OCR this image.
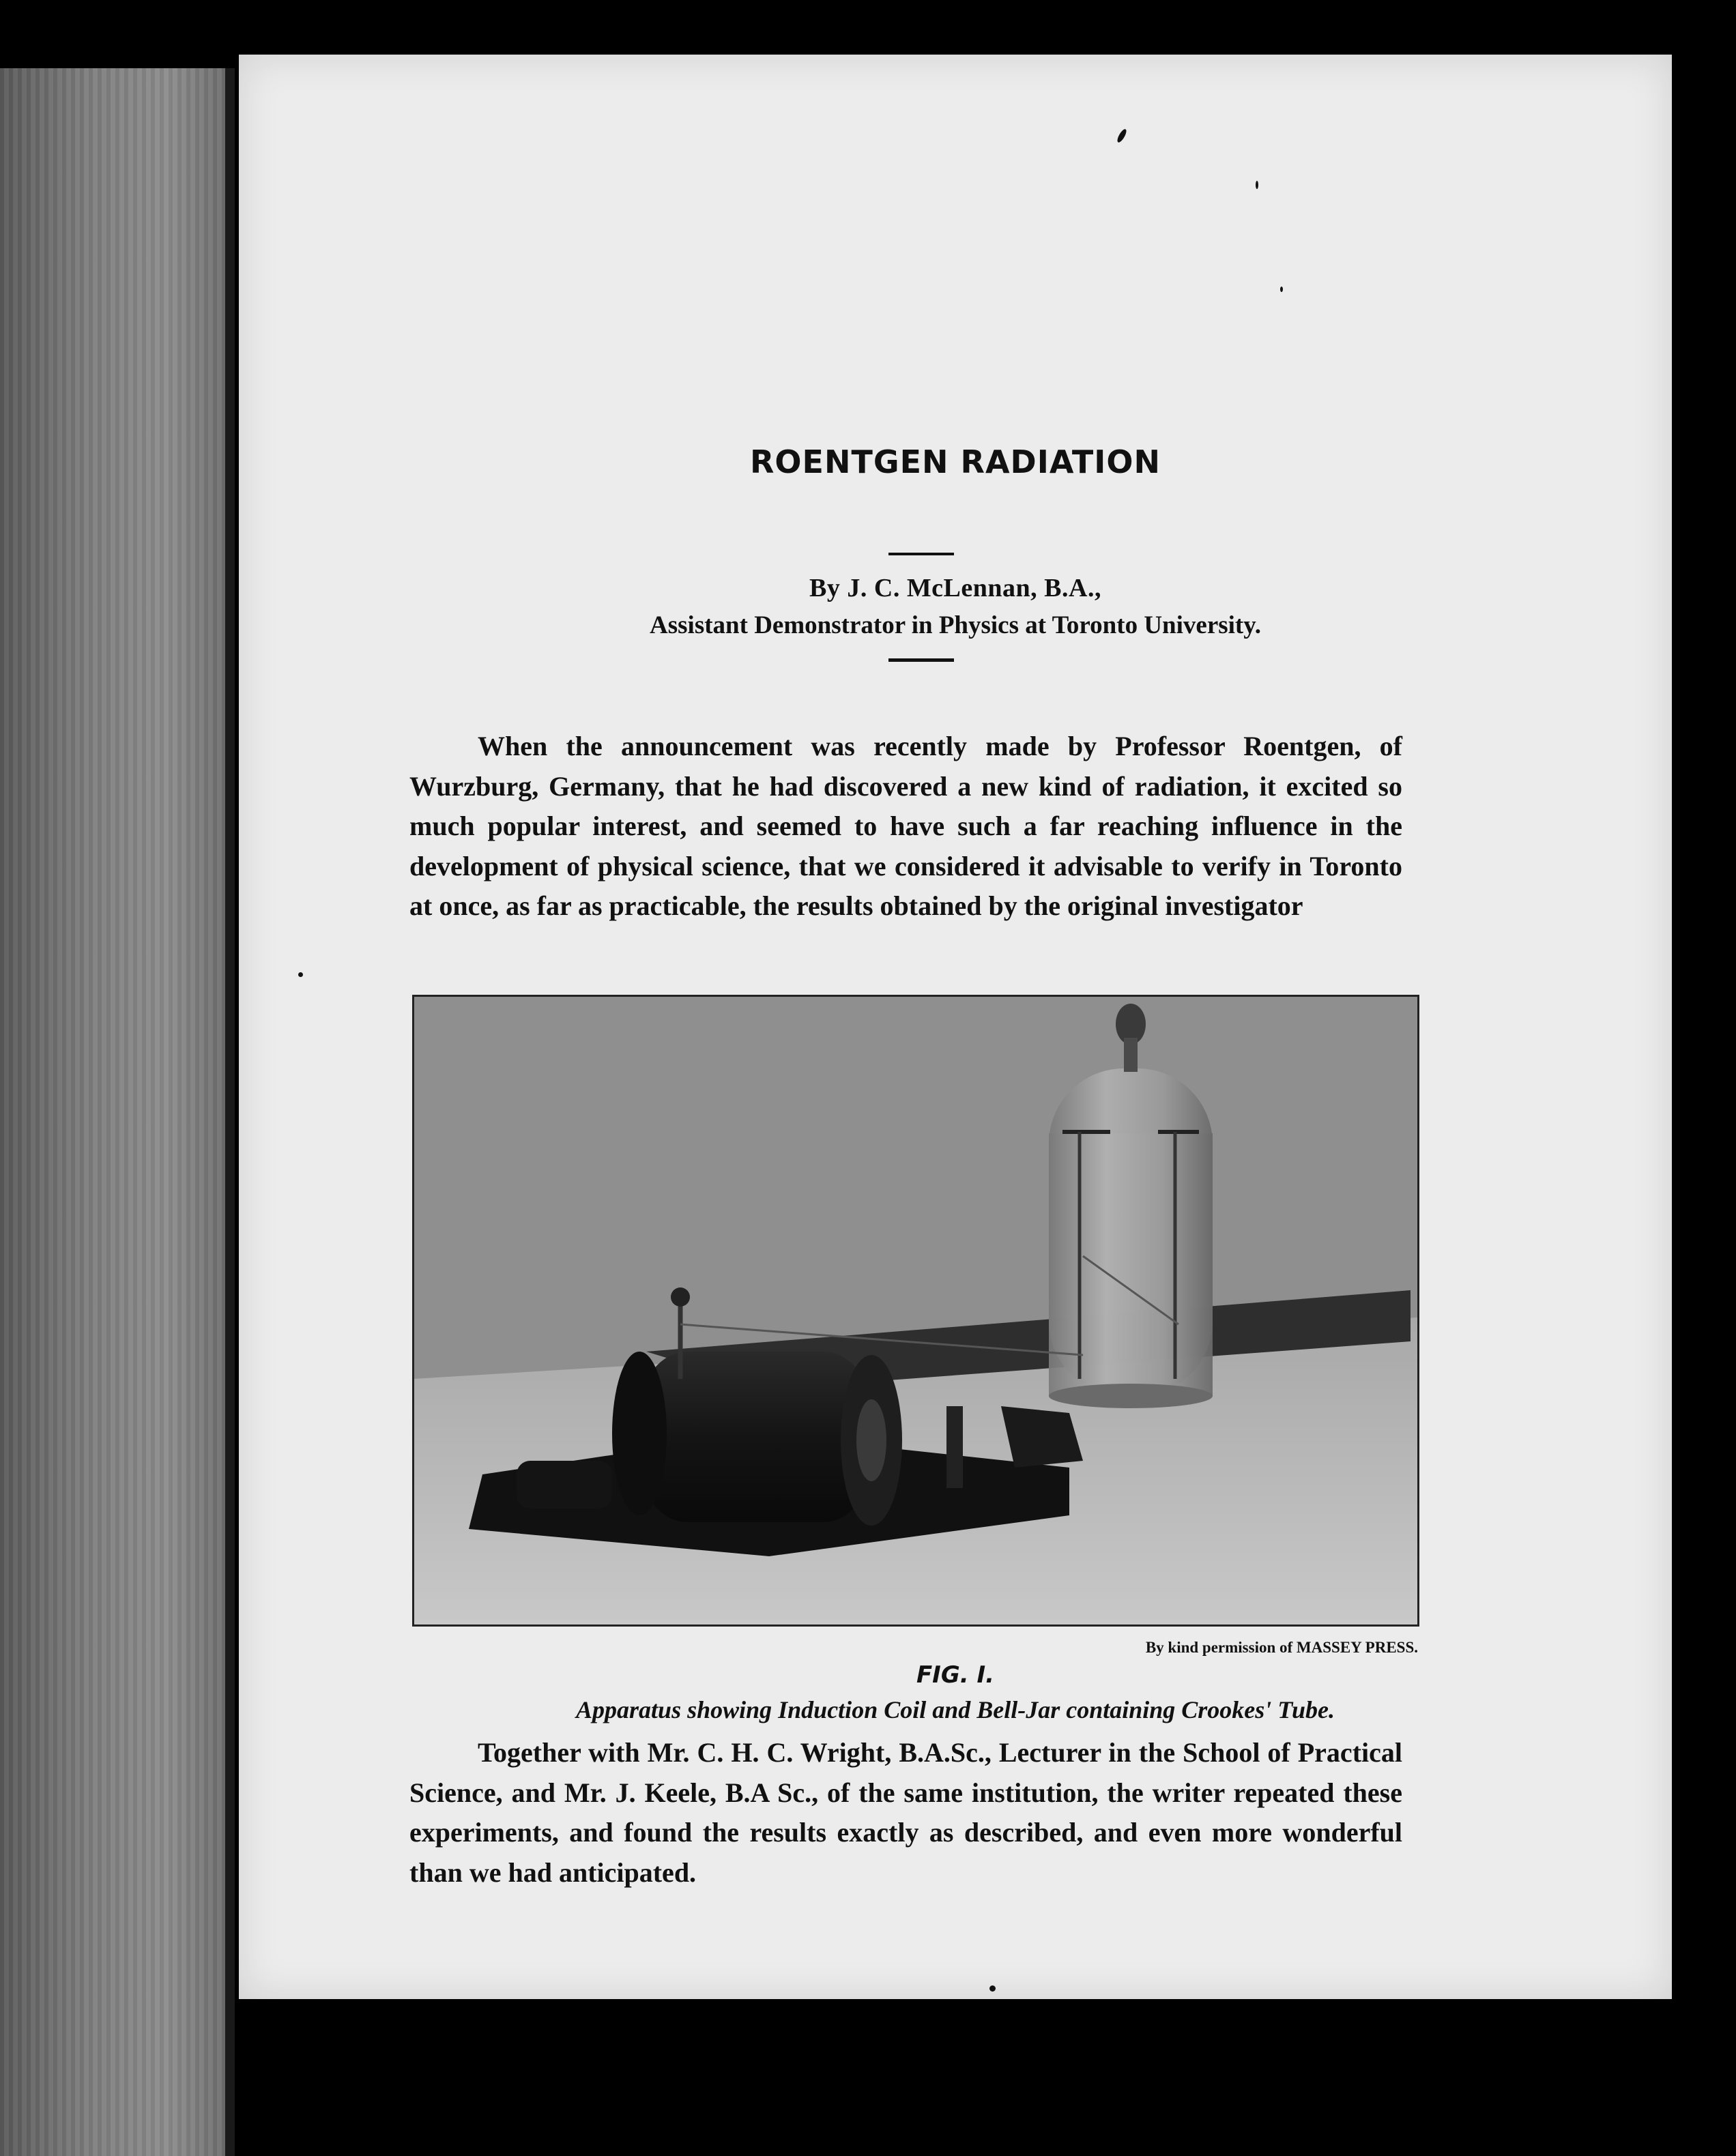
ROENTGEN RADIATION
By J. C. McLennan, B.A.,
Assistant Demonstrator in Physics at Toronto University.

When the announcement was recently made by Professor Roentgen, of Wurzburg, Germany, that he had discovered a new kind of radiation, it excited so much popular interest, and seemed to have such a far reaching influence in the development of physical science, that we considered it advisable to verify in Toronto at once, as far as practicable, the results obtained by the original investigator

By kind permission of MASSEY PRESS.
FIG. I.
Apparatus showing Induction Coil and Bell-Jar containing Crookes' Tube.

Together with Mr. C. H. C. Wright, B.A.Sc., Lecturer in the School of Practical Science, and Mr. J. Keele, B.A Sc., of the same institution, the writer repeated these experiments, and found the results exactly as described, and even more wonderful than we had anticipated.
